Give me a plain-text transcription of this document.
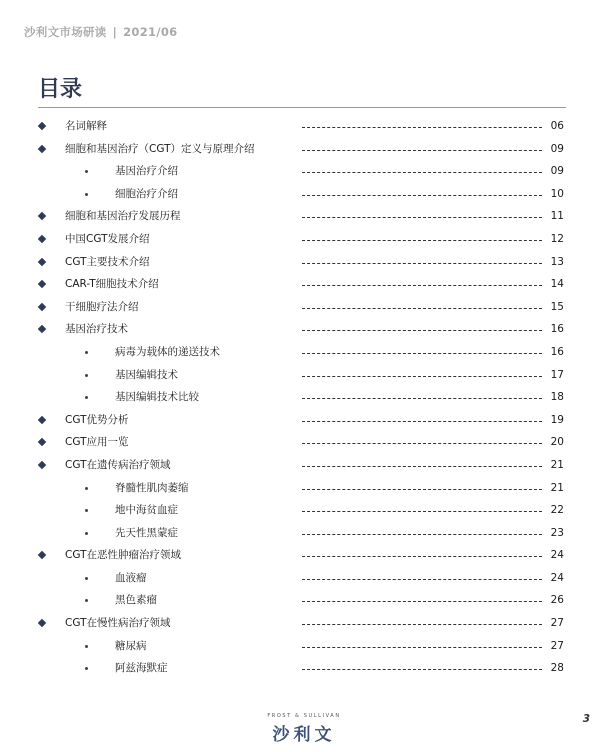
沙利文市场研读 | 2021/06
目录
名词解释	06
细胞和基因治疗（CGT）定义与原理介绍	09
基因治疗介绍	09
细胞治疗介绍	10
细胞和基因治疗发展历程	11
中国CGT发展介绍	12
CGT主要技术介绍	13
CAR-T细胞技术介绍	14
干细胞疗法介绍	15
基因治疗技术	16
病毒为载体的递送技术	16
基因编辑技术	17
基因编辑技术比较	18
CGT优势分析	19
CGT应用一览	20
CGT在遗传病治疗领域	21
脊髓性肌肉萎缩	21
地中海贫血症	22
先天性黑蒙症	23
CGT在恶性肿瘤治疗领域	24
血液瘤	24
黑色素瘤	26
CGT在慢性病治疗领域	27
糖尿病	27
阿兹海默症	28
FROST & SULLIVAN
沙利文
3
